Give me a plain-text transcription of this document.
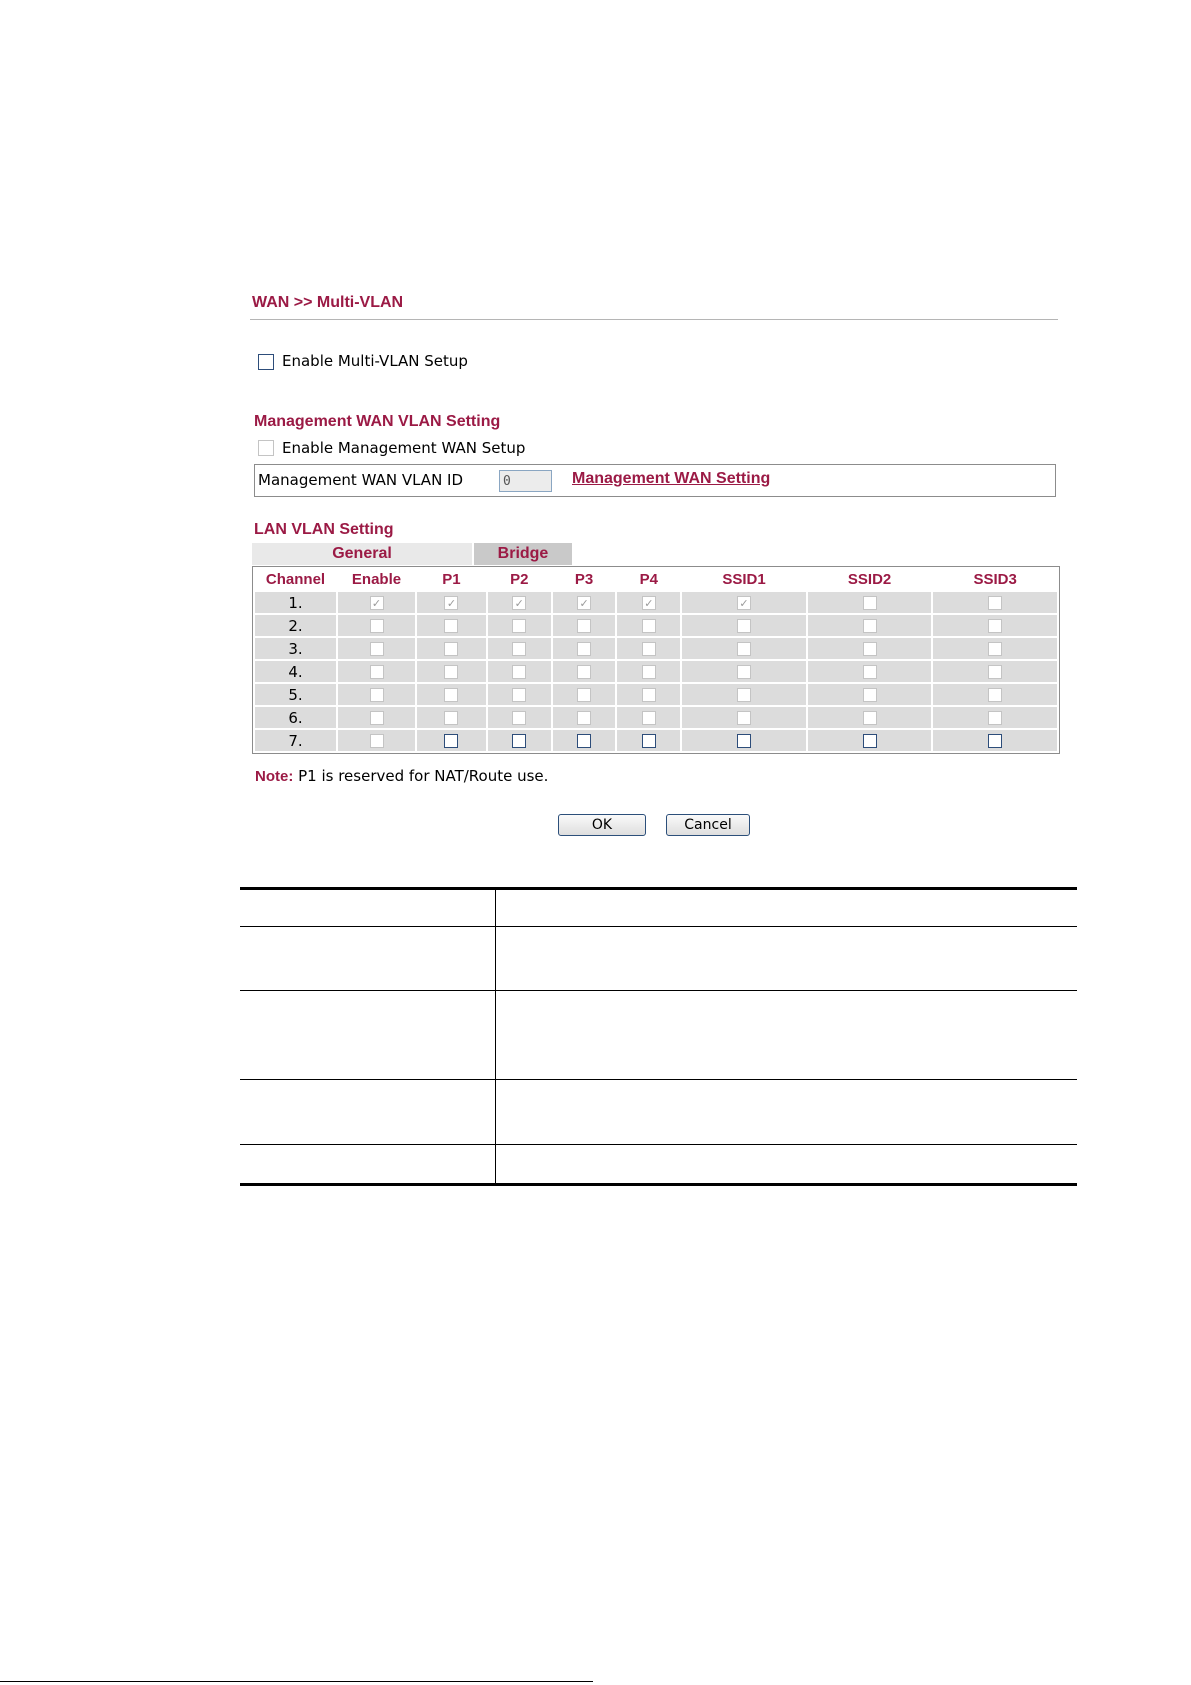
WAN >> Multi-VLAN
Enable Multi-VLAN Setup
Management WAN VLAN Setting
Enable Management WAN Setup
Management WAN VLAN ID
0	Management WAN Setting
LAN VLAN Setting
General	Bridge
Channel	Enable	P1	P2	P3	P4	SSID1	SSID2	SSID3
1.	✓	✓	✓	✓	✓	✓		
2.								
3.								
4.								
5.								
6.								
7.								
Note: P1 is reserved for NAT/Route use.
OK	Cancel
